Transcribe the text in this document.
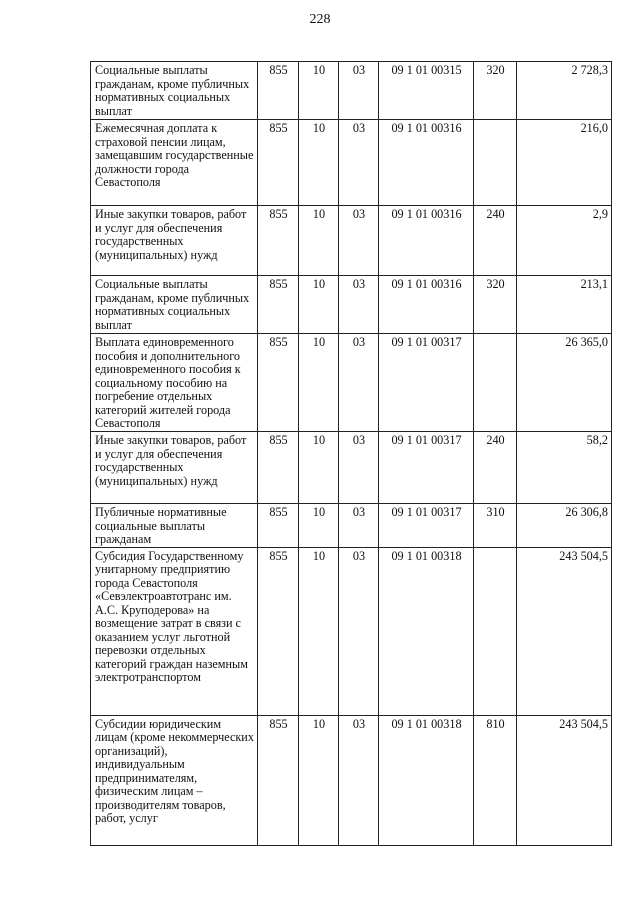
228
Социальные выплаты гражданам, кроме публичных нормативных социальных выплат	855	10	03	09 1 01 00315	320	2 728,3
Ежемесячная доплата к страховой пенсии лицам, замещавшим государственные должности города Севастополя	855	10	03	09 1 01 00316		216,0
Иные закупки товаров, работ и услуг для обеспечения государственных (муниципальных) нужд	855	10	03	09 1 01 00316	240	2,9
Социальные выплаты гражданам, кроме публичных нормативных социальных выплат	855	10	03	09 1 01 00316	320	213,1
Выплата единовременного пособия и дополнительного единовременного пособия к социальному пособию на погребение отдельных категорий жителей города Севастополя	855	10	03	09 1 01 00317		26 365,0
Иные закупки товаров, работ и услуг для обеспечения государственных (муниципальных) нужд	855	10	03	09 1 01 00317	240	58,2
Публичные нормативные социальные выплаты гражданам	855	10	03	09 1 01 00317	310	26 306,8
Субсидия Государственному унитарному предприятию города Севастополя «Севэлектроавтотранс им. А.С. Круподерова» на возмещение затрат в связи с оказанием услуг льготной перевозки отдельных категорий граждан наземным электротранспортом	855	10	03	09 1 01 00318		243 504,5
Субсидии юридическим лицам (кроме некоммерческих организаций), индивидуальным предпринимателям, физическим лицам – производителям товаров, работ, услуг	855	10	03	09 1 01 00318	810	243 504,5
